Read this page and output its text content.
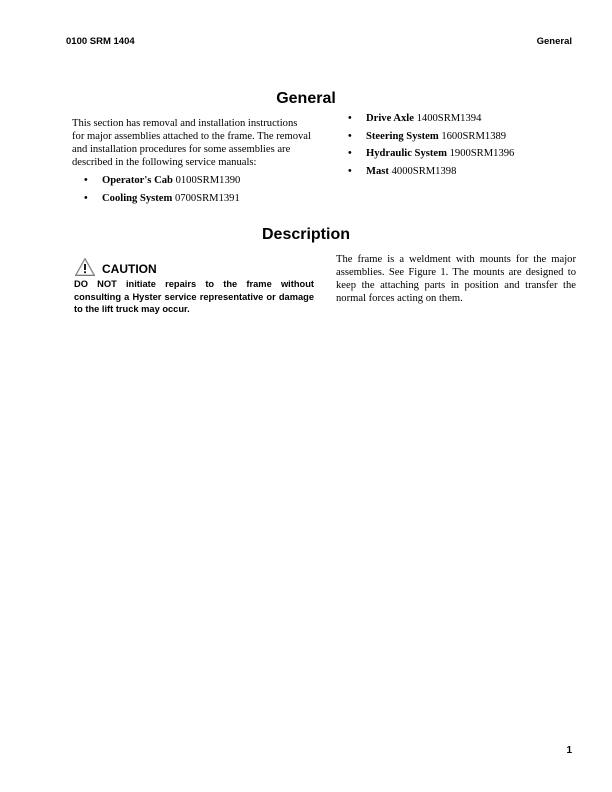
0100 SRM 1404	General
General

This section has removal and installation instructions for major assemblies attached to the frame. The removal and installation procedures for some assemblies are described in the following service manuals:

• Operator's Cab 0100SRM1390
• Cooling System 0700SRM1391
• Drive Axle 1400SRM1394
• Steering System 1600SRM1389
• Hydraulic System 1900SRM1396
• Mast 4000SRM1398
Description
CAUTION
DO NOT initiate repairs to the frame without consulting a Hyster service representative or damage to the lift truck may occur.

The frame is a weldment with mounts for the major assemblies. See Figure 1. The mounts are designed to keep the attaching parts in position and transfer the normal forces acting on them.

1
